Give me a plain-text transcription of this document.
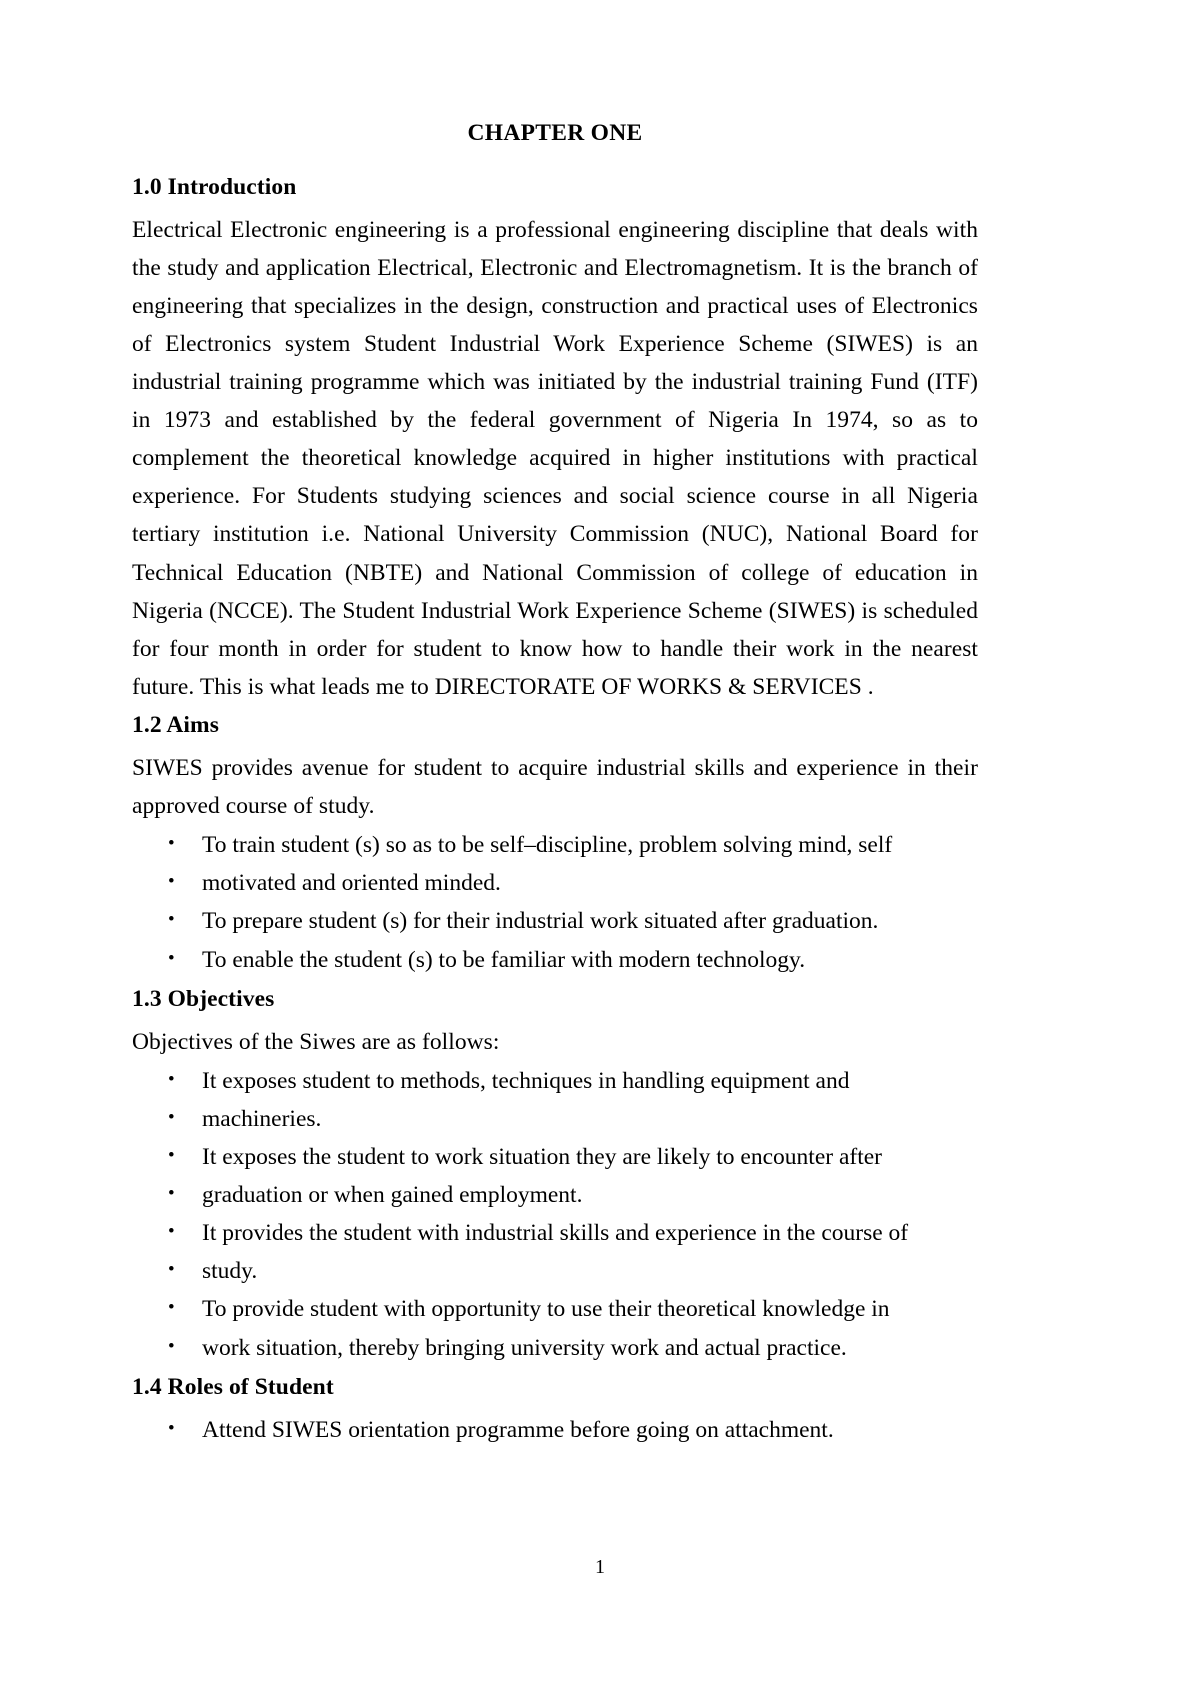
CHAPTER ONE
1.0 Introduction

Electrical Electronic engineering is a professional engineering discipline that deals with the study and application Electrical, Electronic and Electromagnetism. It is the branch of engineering that specializes in the design, construction and practical uses of Electronics of Electronics system Student Industrial Work Experience Scheme (SIWES) is an industrial training programme which was initiated by the industrial training Fund (ITF) in 1973 and established by the federal government of Nigeria In 1974, so as to complement the theoretical knowledge acquired in higher institutions with practical experience. For Students studying sciences and social science course in all Nigeria tertiary institution i.e. National University Commission (NUC), National Board for Technical Education (NBTE) and National Commission of college of education in Nigeria (NCCE). The Student Industrial Work Experience Scheme (SIWES) is scheduled for four month in order for student to know how to handle their work in the nearest future. This is what leads me to DIRECTORATE OF WORKS & SERVICES .

1.2 Aims

SIWES provides avenue for student to acquire industrial skills and experience in their approved course of study.

• To train student (s) so as to be self–discipline, problem solving mind, self
• motivated and oriented minded.
• To prepare student (s) for their industrial work situated after graduation.
• To enable the student (s) to be familiar with modern technology.
1.3 Objectives

Objectives of the Siwes are as follows:

• It exposes student to methods, techniques in handling equipment and
• machineries.
• It exposes the student to work situation they are likely to encounter after
• graduation or when gained employment.
• It provides the student with industrial skills and experience in the course of
• study.
• To provide student with opportunity to use their theoretical knowledge in
• work situation, thereby bringing university work and actual practice.
1.4 Roles of Student
• Attend SIWES orientation programme before going on attachment.
1
